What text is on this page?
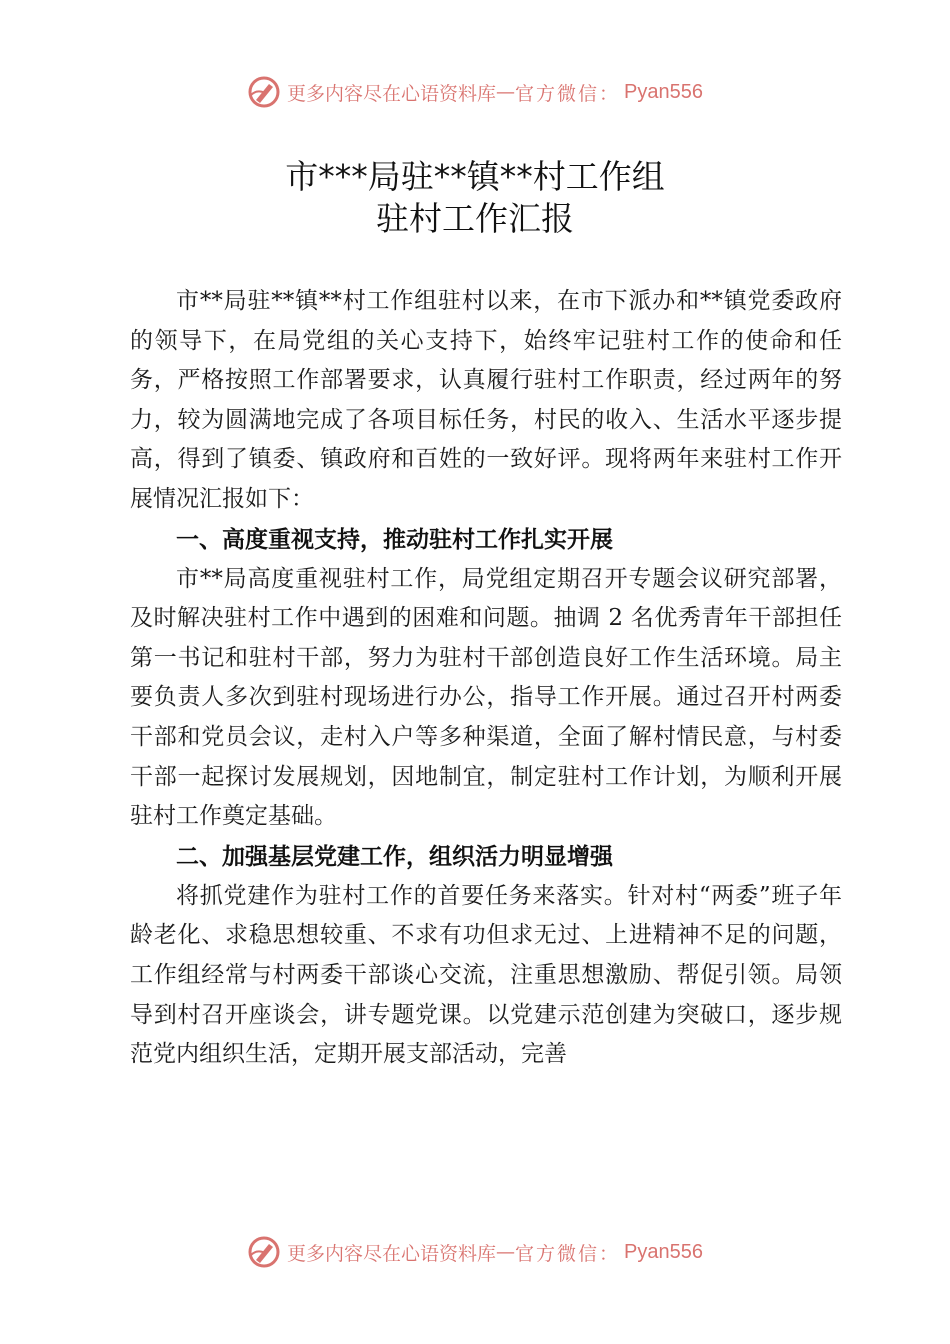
更多内容尽在心语资料库 — 官方微信： Pyan556
市***局驻**镇**村工作组
驻村工作汇报

市**局驻**镇**村工作组驻村以来，在市下派办和**镇党委政府的领导下，在局党组的关心支持下，始终牢记驻村工作的使命和任务，严格按照工作部署要求，认真履行驻村工作职责，经过两年的努力，较为圆满地完成了各项目标任务，村民的收入、生活水平逐步提高，得到了镇委、镇政府和百姓的一致好评。现将两年来驻村工作开展情况汇报如下：

一、高度重视支持，推动驻村工作扎实开展

市**局高度重视驻村工作，局党组定期召开专题会议研究部署，及时解决驻村工作中遇到的困难和问题。抽调 2 名优秀青年干部担任第一书记和驻村干部，努力为驻村干部创造良好工作生活环境。局主要负责人多次到驻村现场进行办公，指导工作开展。通过召开村两委干部和党员会议，走村入户等多种渠道，全面了解村情民意，与村委干部一起探讨发展规划，因地制宜，制定驻村工作计划，为顺利开展驻村工作奠定基础。

二、加强基层党建工作，组织活力明显增强

将抓党建作为驻村工作的首要任务来落实。针对村“两委”班子年龄老化、求稳思想较重、不求有功但求无过、上进精神不足的问题，工作组经常与村两委干部谈心交流，注重思想激励、帮促引领。局领导到村召开座谈会，讲专题党课。以党建示范创建为突破口，逐步规范党内组织生活，定期开展支部活动，完善

更多内容尽在心语资料库 — 官方微信： Pyan556
